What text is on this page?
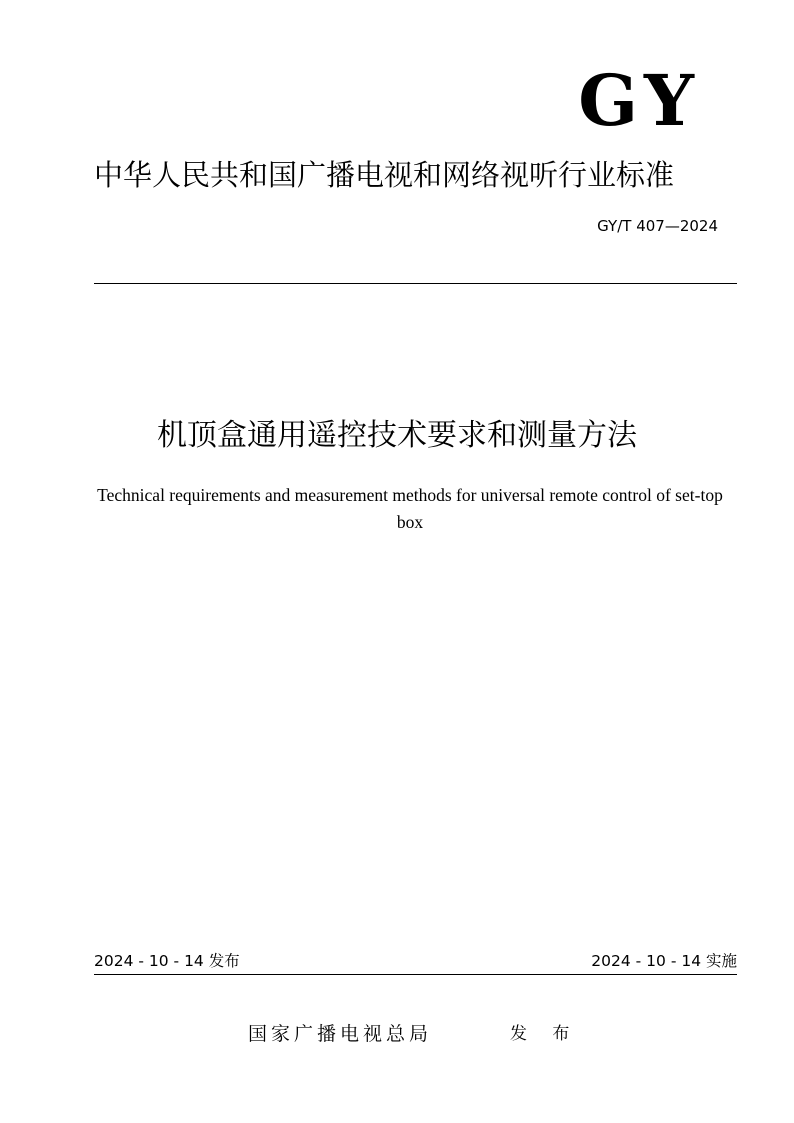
GY
中华人民共和国广播电视和网络视听行业标准
GY/T 407—2024
机顶盒通用遥控技术要求和测量方法
Technical requirements and measurement methods for universal remote control of set-top box
2024 - 10 - 14 发布	2024 - 10 - 14 实施
国家广播电视总局	发 布
